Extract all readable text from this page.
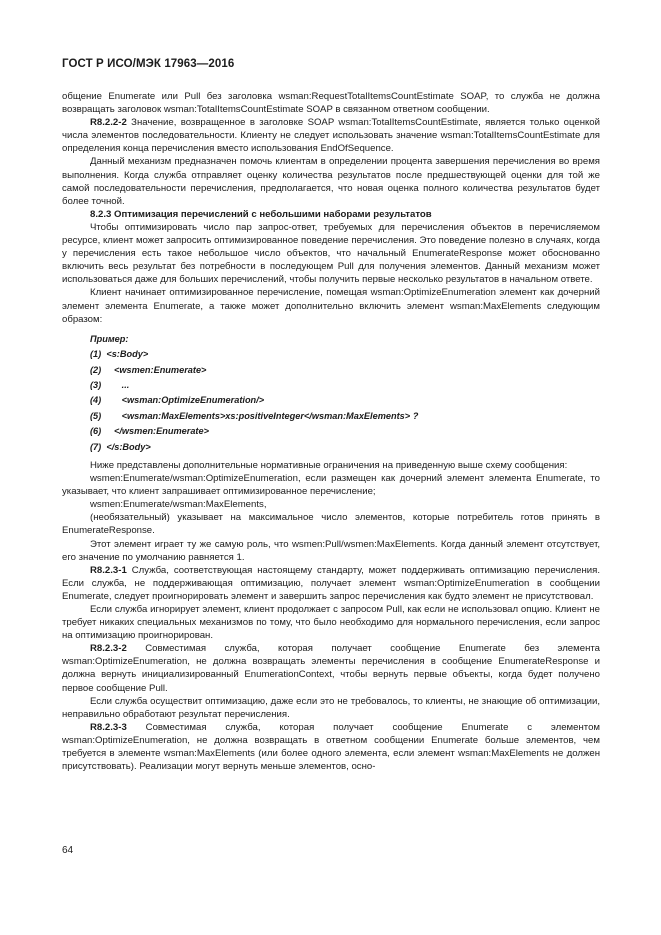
ГОСТ Р ИСО/МЭК 17963—2016

общение Enumerate или Pull без заголовка wsman:RequestTotalItemsCountEstimate SOAP, то служба не должна возвращать заголовок wsman:TotalItemsCountEstimate SOAP в связанном ответном сообщении.

R8.2.2-2 Значение, возвращенное в заголовке SOAP wsman:TotalItemsCountEstimate, является только оценкой числа элементов последовательности. Клиенту не следует использовать значение wsman:TotalItemsCountEstimate для определения конца перечисления вместо использования EndOfSequence.

Данный механизм предназначен помочь клиентам в определении процента завершения перечисления во время выполнения. Когда служба отправляет оценку количества результатов после предшествующей оценки для той же самой последовательности перечисления, предполагается, что новая оценка полного количества результатов будет более точной.

8.2.3 Оптимизация перечислений с небольшими наборами результатов

Чтобы оптимизировать число пар запрос-ответ, требуемых для перечисления объектов в перечисляемом ресурсе, клиент может запросить оптимизированное поведение перечисления. Это поведение полезно в случаях, когда у перечисления есть такое небольшое число объектов, что начальный EnumerateResponse может обоснованно включить весь результат без потребности в последующем Pull для получения элементов. Данный механизм может использоваться даже для больших перечислений, чтобы получить первые несколько результатов в начальном ответе.

Клиент начинает оптимизированное перечисление, помещая wsman:OptimizeEnumeration элемент как дочерний элемент элемента Enumerate, а также может дополнительно включить элемент wsman:MaxElements следующим образом:

Пример:
(1)  <s:Body>
(2)     <wsmen:Enumerate>
(3)        ...
(4)        <wsman:OptimizeEnumeration/>
(5)        <wsman:MaxElements>xs:positiveInteger</wsman:MaxElements> ?
(6)     </wsmen:Enumerate>
(7)  </s:Body>

Ниже представлены дополнительные нормативные ограничения на приведенную выше схему сообщения:

wsmen:Enumerate/wsman:OptimizeEnumeration, если размещен как дочерний элемент элемента Enumerate, то указывает, что клиент запрашивает оптимизированное перечисление;

wsmen:Enumerate/wsman:MaxElements,

(необязательный) указывает на максимальное число элементов, которые потребитель готов принять в EnumerateResponse.

Этот элемент играет ту же самую роль, что wsmen:Pull/wsmen:MaxElements. Когда данный элемент отсутствует, его значение по умолчанию равняется 1.

R8.2.3-1 Служба, соответствующая настоящему стандарту, может поддерживать оптимизацию перечисления. Если служба, не поддерживающая оптимизацию, получает элемент wsman:OptimizeEnumeration в сообщении Enumerate, следует проигнорировать элемент и завершить запрос перечисления как будто элемент не присутствовал.

Если служба игнорирует элемент, клиент продолжает с запросом Pull, как если не использовал опцию. Клиент не требует никаких специальных механизмов по тому, что было необходимо для нормального перечисления, если запрос на оптимизацию проигнорирован.

R8.2.3-2 Совместимая служба, которая получает сообщение Enumerate без элемента wsman:OptimizeEnumeration, не должна возвращать элементы перечисления в сообщение EnumerateResponse и должна вернуть инициализированный EnumerationContext, чтобы вернуть первые объекты, когда будет получено первое сообщение Pull.

Если служба осуществит оптимизацию, даже если это не требовалось, то клиенты, не знающие об оптимизации, неправильно обработают результат перечисления.

R8.2.3-3 Совместимая служба, которая получает сообщение Enumerate с элементом wsman:OptimizeEnumeration, не должна возвращать в ответном сообщении Enumerate больше элементов, чем требуется в элементе wsman:MaxElements (или более одного элемента, если элемент wsman:MaxElements не должен присутствовать). Реализации могут вернуть меньше элементов, осно-

64
